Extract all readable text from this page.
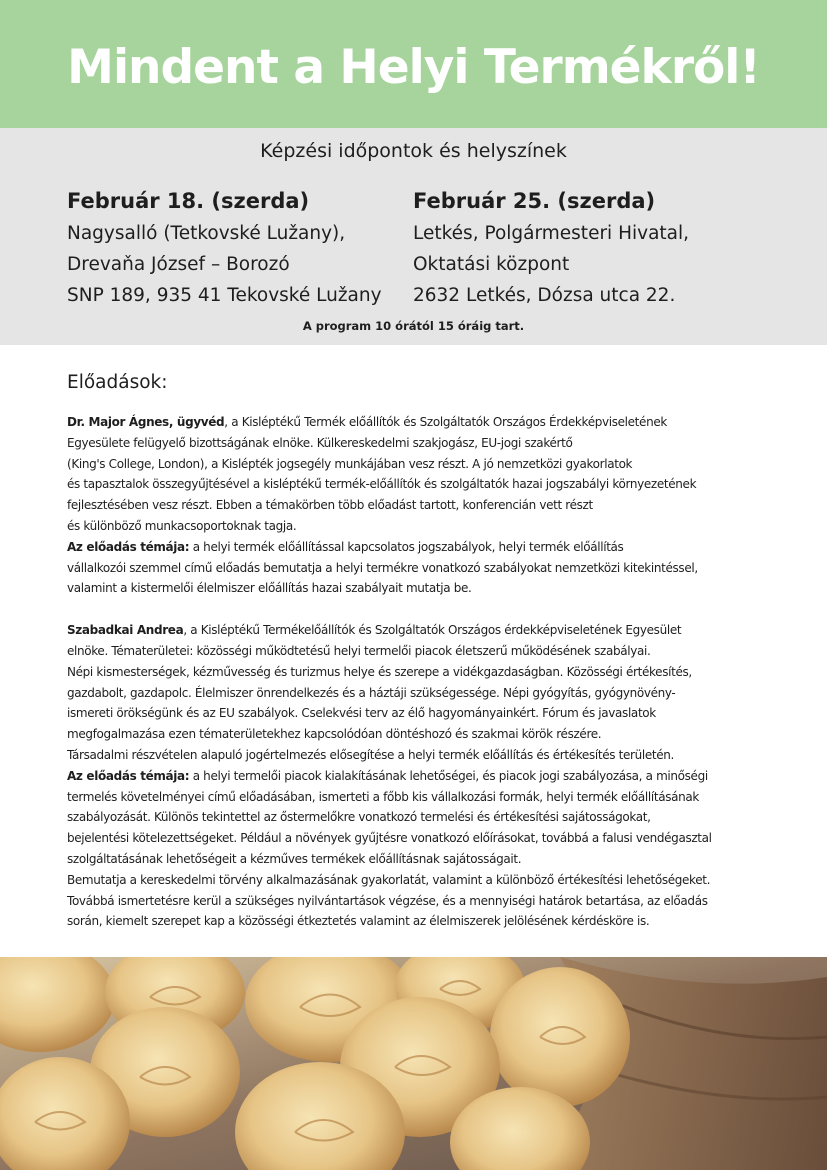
Mindent a Helyi Termékről!
Képzési időpontok és helyszínek
Február 18. (szerda)
Nagysalló (Tetkovské Lužany),
Drevaňa József – Borozó
SNP 189, 935 41 Tekovské Lužany
Február 25. (szerda)
Letkés, Polgármesteri Hivatal,
Oktatási központ
2632 Letkés, Dózsa utca 22.
A program 10 órától 15 óráig tart.
Előadások:

Dr. Major Ágnes, ügyvéd, a Kisléptékű Termék előállítók és Szolgáltatók Országos Érdekképviseletének
Egyesülete felügyelő bizottságának elnöke. Külkereskedelmi szakjogász, EU-jogi szakértő
(King's College, London), a Kislépték jogsegély munkájában vesz részt. A jó nemzetközi gyakorlatok
és tapasztalok összegyűjtésével a kisléptékű termék-előállítók és szolgáltatók hazai jogszabályi környezetének
fejlesztésében vesz részt. Ebben a témakörben több előadást tartott, konferencián vett részt
és különböző munkacsoportoknak tagja.
Az előadás témája: a helyi termék előállítással kapcsolatos jogszabályok, helyi termék előállítás
vállalkozói szemmel című előadás bemutatja a helyi termékre vonatkozó szabályokat nemzetközi kitekintéssel,
valamint a kistermelői élelmiszer előállítás hazai szabályait mutatja be.

Szabadkai Andrea, a Kisléptékű Termékelőállítók és Szolgáltatók Országos érdekképviseletének Egyesület
elnöke. Tématerületei: közösségi működtetésű helyi termelői piacok életszerű működésének szabályai.
Népi kismesterségek, kézművesség és turizmus helye és szerepe a vidékgazdaságban. Közösségi értékesítés,
gazdabolt, gazdapolc. Élelmiszer önrendelkezés és a háztáji szükségessége. Népi gyógyítás, gyógynövény-
ismereti örökségünk és az EU szabályok. Cselekvési terv az élő hagyományainkért. Fórum és javaslatok
megfogalmazása ezen tématerületekhez kapcsolódóan döntéshozó és szakmai körök részére.
Társadalmi részvételen alapuló jogértelmezés elősegítése a helyi termék előállítás és értékesítés területén.
Az előadás témája: a helyi termelői piacok kialakításának lehetőségei, és piacok jogi szabályozása, a minőségi
termelés követelményei című előadásában, ismerteti a főbb kis vállalkozási formák, helyi termék előállításának
szabályozását. Különös tekintettel az őstermelőkre vonatkozó termelési és értékesítési sajátosságokat,
bejelentési kötelezettségeket. Például a növények gyűjtésre vonatkozó előírásokat, továbbá a falusi vendégasztal
szolgáltatásának lehetőségeit a kézműves termékek előállításnak sajátosságait.
Bemutatja a kereskedelmi törvény alkalmazásának gyakorlatát, valamint a különböző értékesítési lehetőségeket.
Továbbá ismertetésre kerül a szükséges nyilvántartások végzése, és a mennyiségi határok betartása, az előadás
során, kiemelt szerepet kap a közösségi étkeztetés valamint az élelmiszerek jelölésének kérdésköre is.
